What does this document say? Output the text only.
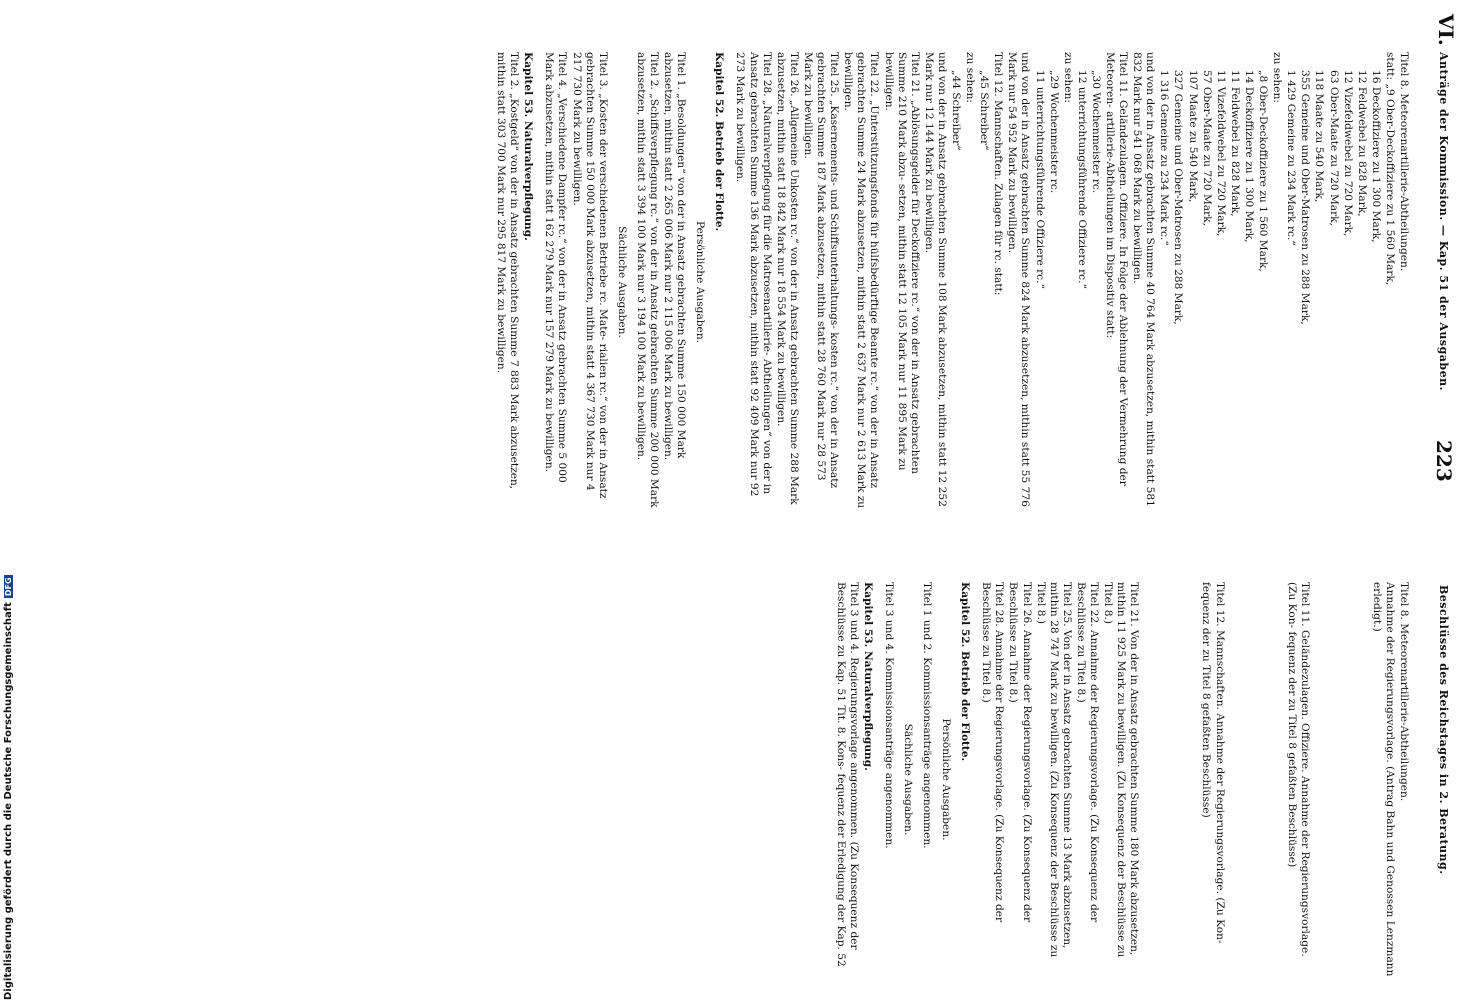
Beschlüsse des Reichstages in 2. Beratung.
223
Anträge der Kommission. — Kap. 51 der Ausgaben.
VI.

Titel 8. Meteorenartillerie-Abtheilungen.

Annahme der Regierungsvorlage. (Antrag Bahn und Genossen Lenzmann erledigt.)

Titel 11. Geländezulagen. Offiziere. Annahme der Regierungsvorlage. (Zu Kon- fequenz der zu Titel 8 gefaßten Beschlüsse)

Titel 12. Mannschaften. Annahme der Regierungsvorlage. (Zu Kon- fequenz der zu Titel 8 gefaßten Beschlüsse)

Titel 21. Von der in Ansatz gebrachten Summe 180 Mark abzusetzen, mithin 11 925 Mark zu bewilligen. (Zu Konsequenz der Beschlüsse zu Titel 8.)

Titel 22. Annahme der Regierungsvorlage. (Zu Konsequenz der Beschlüsse zu Titel 8.)

Titel 25. Von der in Ansatz gebrachten Summe 13 Mark abzusetzen, mithin 28 747 Mark zu bewilligen. (Zu Konsequenz der Beschlüsse zu Titel 8.)

Titel 26. Annahme der Regierungsvorlage. (Zu Konsequenz der Beschlüsse zu Titel 8.)

Titel 28. Annahme der Regierungsvorlage. (Zu Konsequenz der Beschlüsse zu Titel 8.)

Kapitel 52. Betrieb der Flotte.

Persönliche Ausgaben.

Titel 1 und 2. Kommissionsanträge angenommen.

Sächliche Ausgaben.

Titel 3 und 4. Kommissionsanträge angenommen.

Kapitel 53. Naturalverpflegung.

Titel 3 und 4. Regierungsvorlage angenommen. (Zu Konsequenz der Beschlüsse zu Kap. 51 Tit. 8. Kons- fequenz der Erledigung der Kap. 52

Titel 8. Meteorenartillerie-Abtheilungen.

statt: „9 Ober-Deckoffiziere zu 1 560 Mark,

16 Deckoffiziere zu 1 300 Mark,

12 Feldwebel zu 828 Mark,

12 Vizefeldwebel zu 720 Mark,

63 Ober-Maate zu 720 Mark,

118 Maate zu 540 Mark,

355 Gemeine und Ober-Matrosen zu 288 Mark,

1 429 Gemeine zu 234 Mark rc.“

zu sehen:

„8 Ober-Deckoffiziere zu 1 560 Mark,

14 Deckoffiziere zu 1 300 Mark,

11 Feldwebel zu 828 Mark,

11 Vizefeldwebel zu 720 Mark,

57 Ober-Maate zu 720 Mark,

107 Maate zu 540 Mark,

327 Gemeine und Ober-Matrosen zu 288 Mark,

1 316 Gemeine zu 234 Mark rc.“

und von der in Ansatz gebrachten Summe 40 764 Mark abzusetzen, mithin statt 581 832 Mark nur 541 068 Mark zu bewilligen.

Titel 11. Geländezulagen. Offiziere. In Folge der Ablehnung der Vermehrung der Meteoren- artillerie-Abtheilungen im Dispositiv statt:

„30 Wochenmeister rc.

12 unterrichtungsführende Offiziere rc.“

zu sehen:

„29 Wochenmeister rc.

11 unterrichtungsführende Offiziere rc.“

und von der in Ansatz gebrachten Summe 824 Mark abzusetzen, mithin statt 55 776 Mark nur 54 952 Mark zu bewilligen.

Titel 12. Mannschaften. Zulagen für rc. statt:

„45 Schreiber“

zu sehen:

„44 Schreiber“

und von der in Ansatz gebrachten Summe 108 Mark abzusetzen, mithin statt 12 252 Mark nur 12 144 Mark zu bewilligen.

Titel 21. „Ablösungsgelder für Deckoffiziere rc.“ von der in Ansatz gebrachten Summe 210 Mark abzu- setzen, mithin statt 12 105 Mark nur 11 895 Mark zu bewilligen.

Titel 22. „Unterstützungsfonds für hülfsbedürftige Beamte rc.“ von der in Ansatz gebrachten Summe 24 Mark abzusetzen, mithin statt 2 637 Mark nur 2 613 Mark zu bewilligen.

Titel 25. „Kasernements- und Schiffsunterhaltungs- kosten rc.“ von der in Ansatz gebrachten Summe 187 Mark abzusetzen, mithin statt 28 760 Mark nur 28 573 Mark zu bewilligen.

Titel 26. „Allgemeine Unkosten rc.“ von der in Ansatz gebrachten Summe 288 Mark abzusetzen, mithin statt 18 842 Mark nur 18 554 Mark zu bewilligen.

Titel 28. „Naturalverpflegung für die Matrosenartillerie- Abtheilungen“ von der in Ansatz gebrachten Summe 136 Mark abzusetzen, mithin statt 92 409 Mark nur 92 273 Mark zu bewilligen.

Kapitel 52. Betrieb der Flotte.

Persönliche Ausgaben.

Titel 1. „Besoldungen“ von der in Ansatz gebrachten Summe 150 000 Mark abzusetzen, mithin statt 2 265 006 Mark nur 2 115 006 Mark zu bewilligen.

Titel 2. „Schiffsverpflegung rc.“ von der in Ansatz gebrachten Summe 200 000 Mark abzusetzen, mithin statt 3 394 100 Mark nur 3 194 100 Mark zu bewilligen.

Sächliche Ausgaben.

Titel 3. „Kosten der verschiedenen Betriebe rc. Mate- rialien rc.“ von der in Ansatz gebrachten Summe 150 000 Mark abzusetzen, mithin statt 4 367 730 Mark nur 4 217 730 Mark zu bewilligen.

Titel 4. „Verschiedene Dampfer rc.“ von der in Ansatz gebrachten Summe 5 000 Mark abzusetzen, mithin statt 162 279 Mark nur 157 279 Mark zu bewilligen.

Kapitel 53. Naturalverpflegung.

Titel 2. „Kostgeld“ von der in Ansatz gebrachten Summe 7 883 Mark abzusetzen, mithin statt 303 700 Mark nur 295 817 Mark zu bewilligen.

Digitalisierung gefördert durch die Deutsche ForschungsgemeinschaftDFG
